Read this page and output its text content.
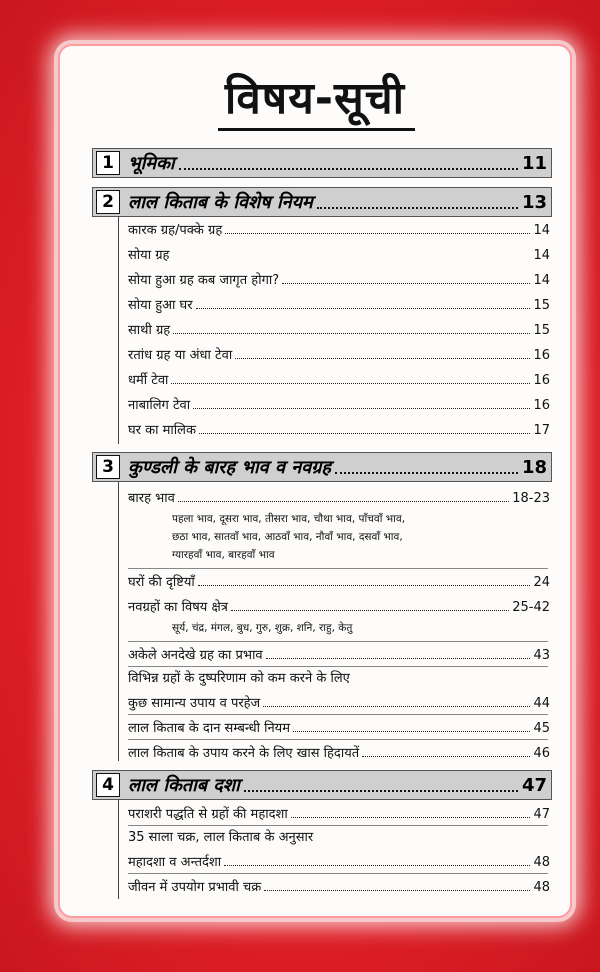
विषय-सूची
1 भूमिका	11
2 लाल किताब के विशेष नियम	13
कारक ग्रह/पक्के ग्रह	14
सोया ग्रह	14
सोया हुआ ग्रह कब जागृत होगा?	14
सोया हुआ घर	15
साथी ग्रह	15
रतांध ग्रह या अंधा टेवा	16
धर्मी टेवा	16
नाबालिग टेवा	16
घर का मालिक	17
3 कुण्डली के बारह भाव व नवग्रह	18
बारह भाव	18-23
पहला भाव, दूसरा भाव, तीसरा भाव, चौथा भाव, पाँचवाँ भाव,
छठा भाव, सातवाँ भाव, आठवाँ भाव, नौवाँ भाव, दसवाँ भाव,
ग्यारहवाँ भाव, बारहवाँ भाव
घरों की दृष्टियाँ	24
नवग्रहों का विषय क्षेत्र	25-42
सूर्य, चंद्र, मंगल, बुध, गुरु, शुक्र, शनि, राहु, केतु
अकेले अनदेखे ग्रह का प्रभाव	43
विभिन्न ग्रहों के दुष्परिणाम को कम करने के लिए
कुछ सामान्य उपाय व परहेज	44
लाल किताब के दान सम्बन्धी नियम	45
लाल किताब के उपाय करने के लिए खास हिदायतें	46
4 लाल किताब दशा	47
पराशरी पद्धति से ग्रहों की महादशा	47
35 साला चक्र, लाल किताब के अनुसार
महादशा व अन्तर्दशा	48
जीवन में उपयोग प्रभावी चक्र	48
